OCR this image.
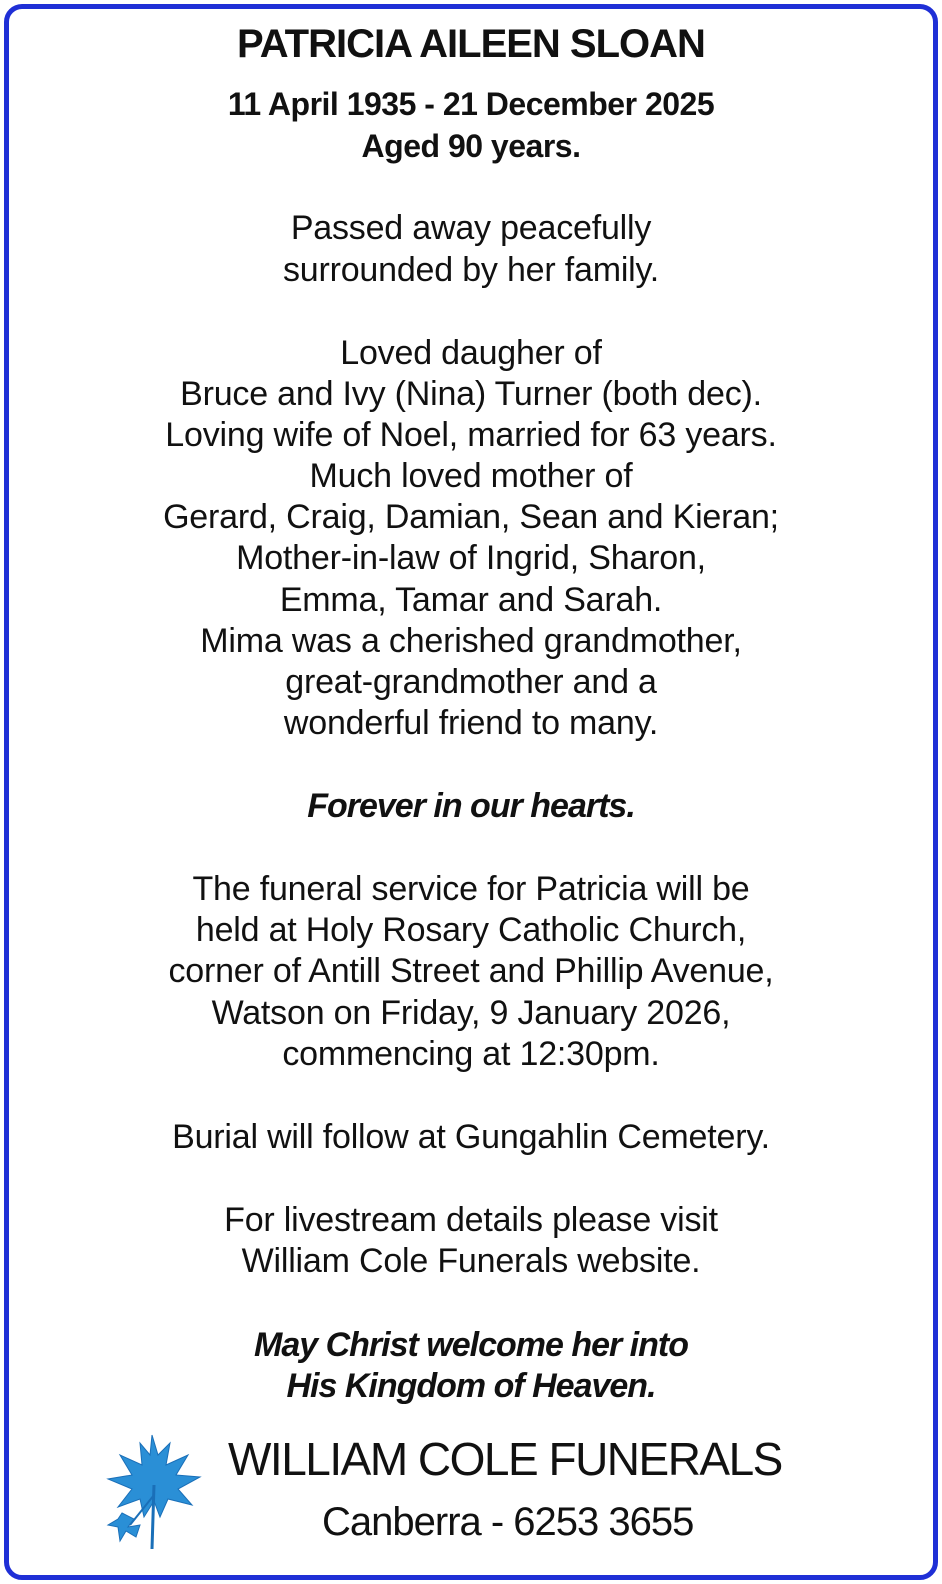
PATRICIA AILEEN SLOAN
11 April 1935 - 21 December 2025
Aged 90 years.
Passed away peacefully
surrounded by her family.
Loved daugher of
Bruce and Ivy (Nina) Turner (both dec).
Loving wife of Noel, married for 63 years.
Much loved mother of
Gerard, Craig, Damian, Sean and Kieran;
Mother-in-law of Ingrid, Sharon,
Emma, Tamar and Sarah.
Mima was a cherished grandmother,
great-grandmother and a
wonderful friend to many.
Forever in our hearts.
The funeral service for Patricia will be
held at Holy Rosary Catholic Church,
corner of Antill Street and Phillip Avenue,
Watson on Friday, 9 January 2026,
commencing at 12:30pm.
Burial will follow at Gungahlin Cemetery.
For livestream details please visit
William Cole Funerals website.
May Christ welcome her into
His Kingdom of Heaven.
WILLIAM COLE FUNERALS
Canberra - 6253 3655
